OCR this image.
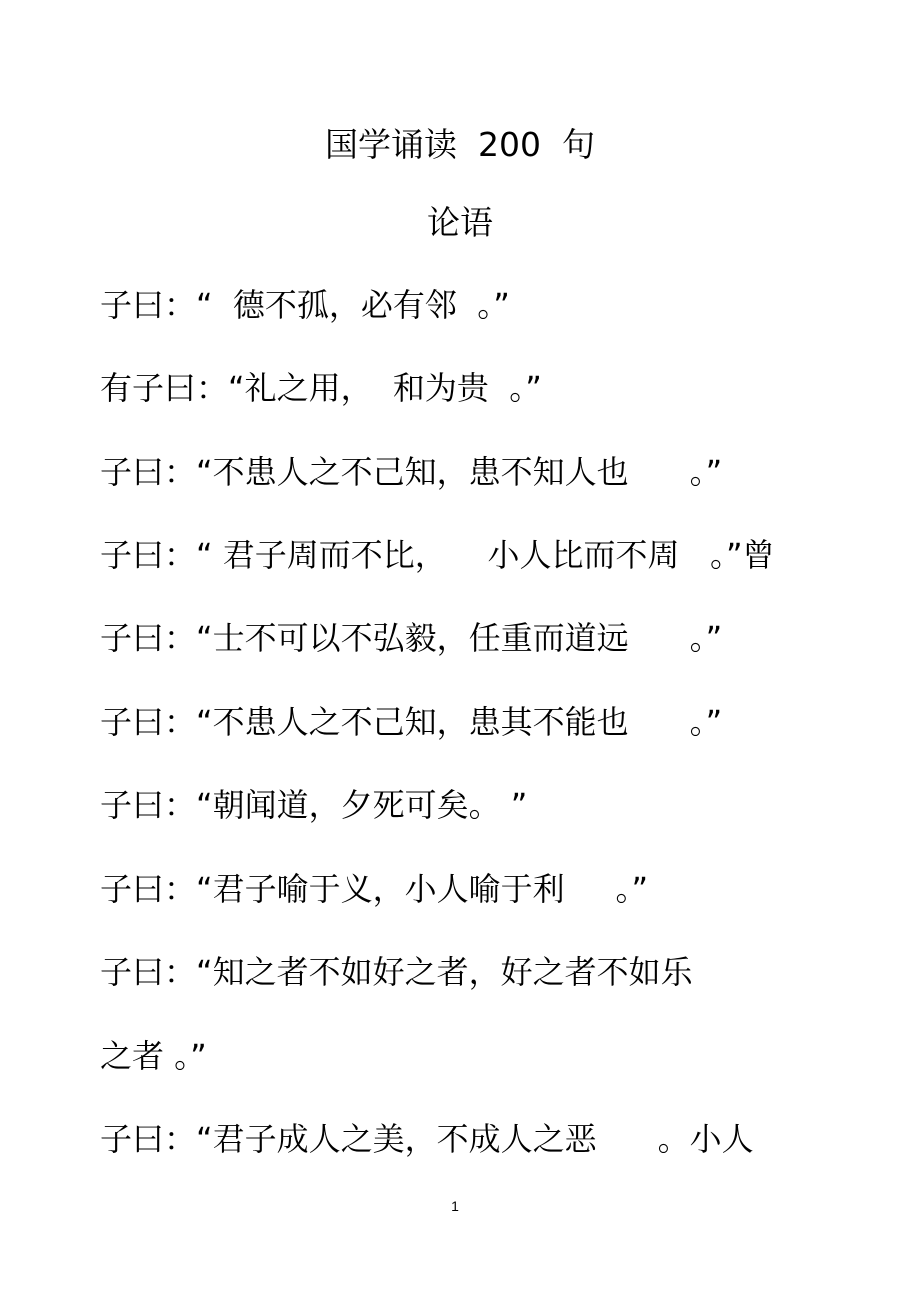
国学诵读  200  句
论语
子曰：“  德不孤，必有邻  。”
有子曰：“礼之用，  和为贵  。”
子曰：“不患人之不己知，患不知人也      。”
子曰：“ 君子周而不比，    小人比而不周   。”曾
子曰：“士不可以不弘毅，任重而道远      。”
子曰：“不患人之不己知，患其不能也      。”
子曰：“朝闻道，夕死可矣。 ”
子曰：“君子喻于义，小人喻于利     。”
子曰：“知之者不如好之者，好之者不如乐
之者 。”
子曰：“君子成人之美，不成人之恶      。小人
1
